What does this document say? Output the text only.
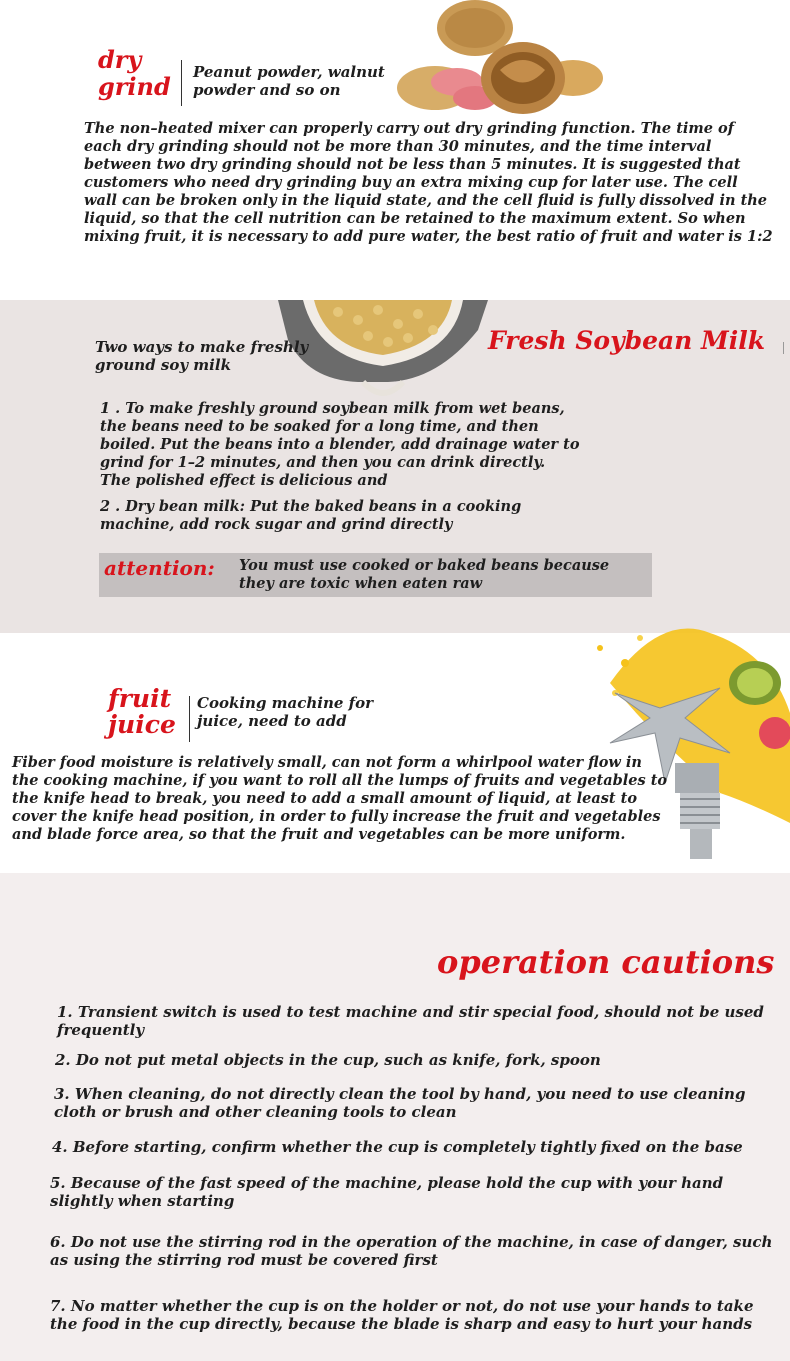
dry
grind Peanut powder, walnut powder and so on

The non–heated mixer can properly carry out dry grinding function. The time of each dry grinding should not be more than 30 minutes, and the time interval between two dry grinding should not be less than 5 minutes. It is suggested that customers who need dry grinding buy an extra mixing cup for later use. The cell wall can be broken only in the liquid state, and the cell fluid is fully dissolved in the liquid, so that the cell nutrition can be retained to the maximum extent. So when mixing fruit, it is necessary to add pure water, the best ratio of fruit and water is 1:2

Two ways to make freshly ground soy milk

Fresh Soybean Milk

1 . To make freshly ground soybean milk from wet beans, the beans need to be soaked for a long time, and then boiled. Put the beans into a blender, add drainage water to grind for 1–2 minutes, and then you can drink directly. The polished effect is delicious and

2 . Dry bean milk: Put the baked beans in a cooking machine, add rock sugar and grind directly

attention: You must use cooked or baked beans because they are toxic when eaten raw

fruit
juice

Cooking machine for juice, need to add

Fiber food moisture is relatively small, can not form a whirlpool water flow in the cooking machine, if you want to roll all the lumps of fruits and vegetables to the knife head to break, you need to add a small amount of liquid, at least to cover the knife head position, in order to fully increase the fruit and vegetables and blade force area, so that the fruit and vegetables can be more uniform.

operation cautions

1. Transient switch is used to test machine and stir special food, should not be used frequently

2. Do not put metal objects in the cup, such as knife, fork, spoon

3. When cleaning, do not directly clean the tool by hand, you need to use cleaning cloth or brush and other cleaning tools to clean

4. Before starting, confirm whether the cup is completely tightly fixed on the base

5. Because of the fast speed of the machine, please hold the cup with your hand slightly when starting

6. Do not use the stirring rod in the operation of the machine, in case of danger, such as using the stirring rod must be covered first

7. No matter whether the cup is on the holder or not, do not use your hands to take the food in the cup directly, because the blade is sharp and easy to hurt your hands
